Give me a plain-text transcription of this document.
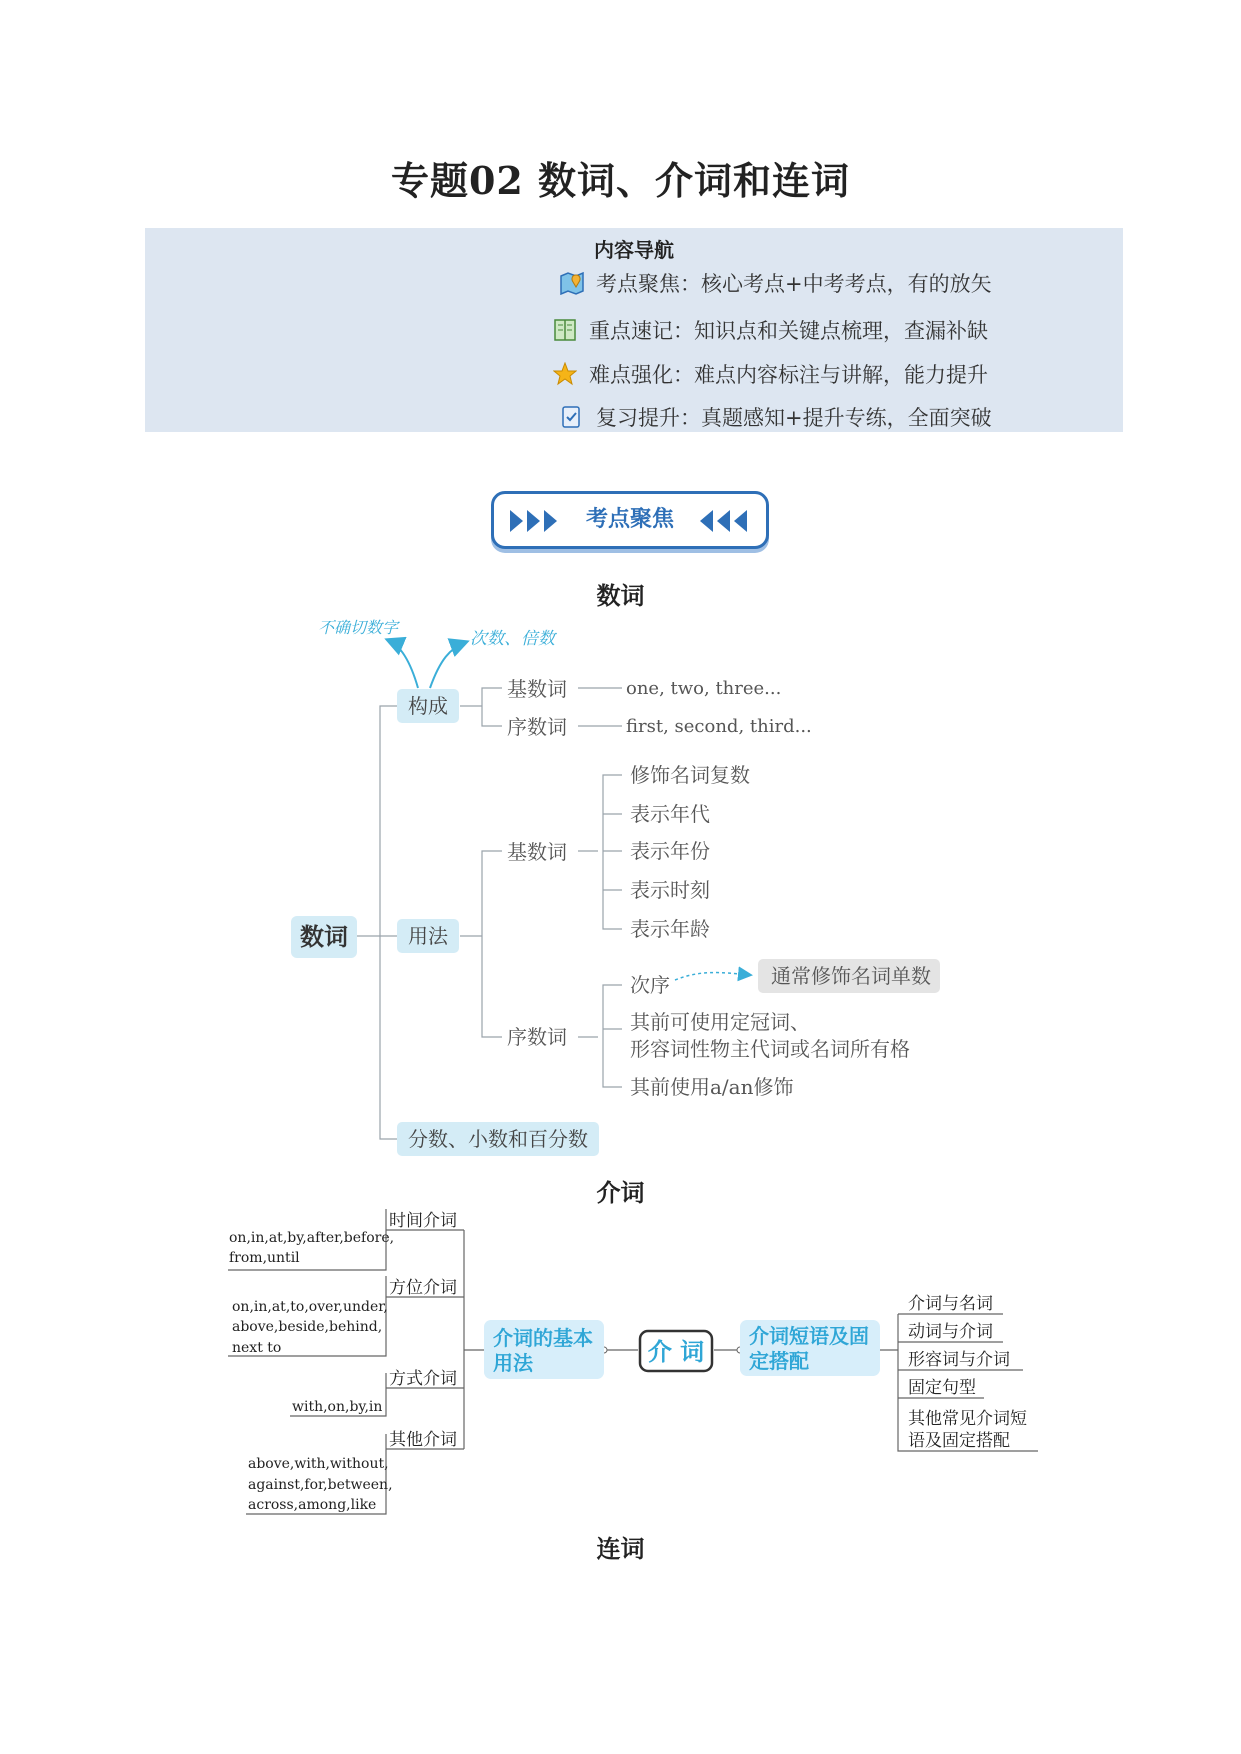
专题02 数词、介词和连词
内容导航
考点聚焦：核心考点+中考考点，有的放矢
重点速记：知识点和关键点梳理，查漏补缺
难点强化：难点内容标注与讲解，能力提升
复习提升：真题感知+提升专练，全面突破
考点聚焦
数词
不确切数字
次数、倍数
数词
构成
用法
分数、小数和百分数
基数词
序数词
one, two, three...
first, second, third...
基数词
修饰名词复数
表示年代
表示年份
表示时刻
表示年龄
序数词
次序
其前可使用定冠词、
形容词性物主代词或名词所有格
其前使用a/an修饰
通常修饰名词单数
介词
时间介词
方位介词
方式介词
其他介词
on,in,at,by,after,before,
from,until
on,in,at,to,over,under,
above,beside,behind,
next to
with,on,by,in
above,with,without,
against,for,between,
across,among,like
介词的基本
用法	介 词
介词短语及固
定搭配
介词与名词
动词与介词
形容词与介词
固定句型
其他常见介词短
语及固定搭配
连词
